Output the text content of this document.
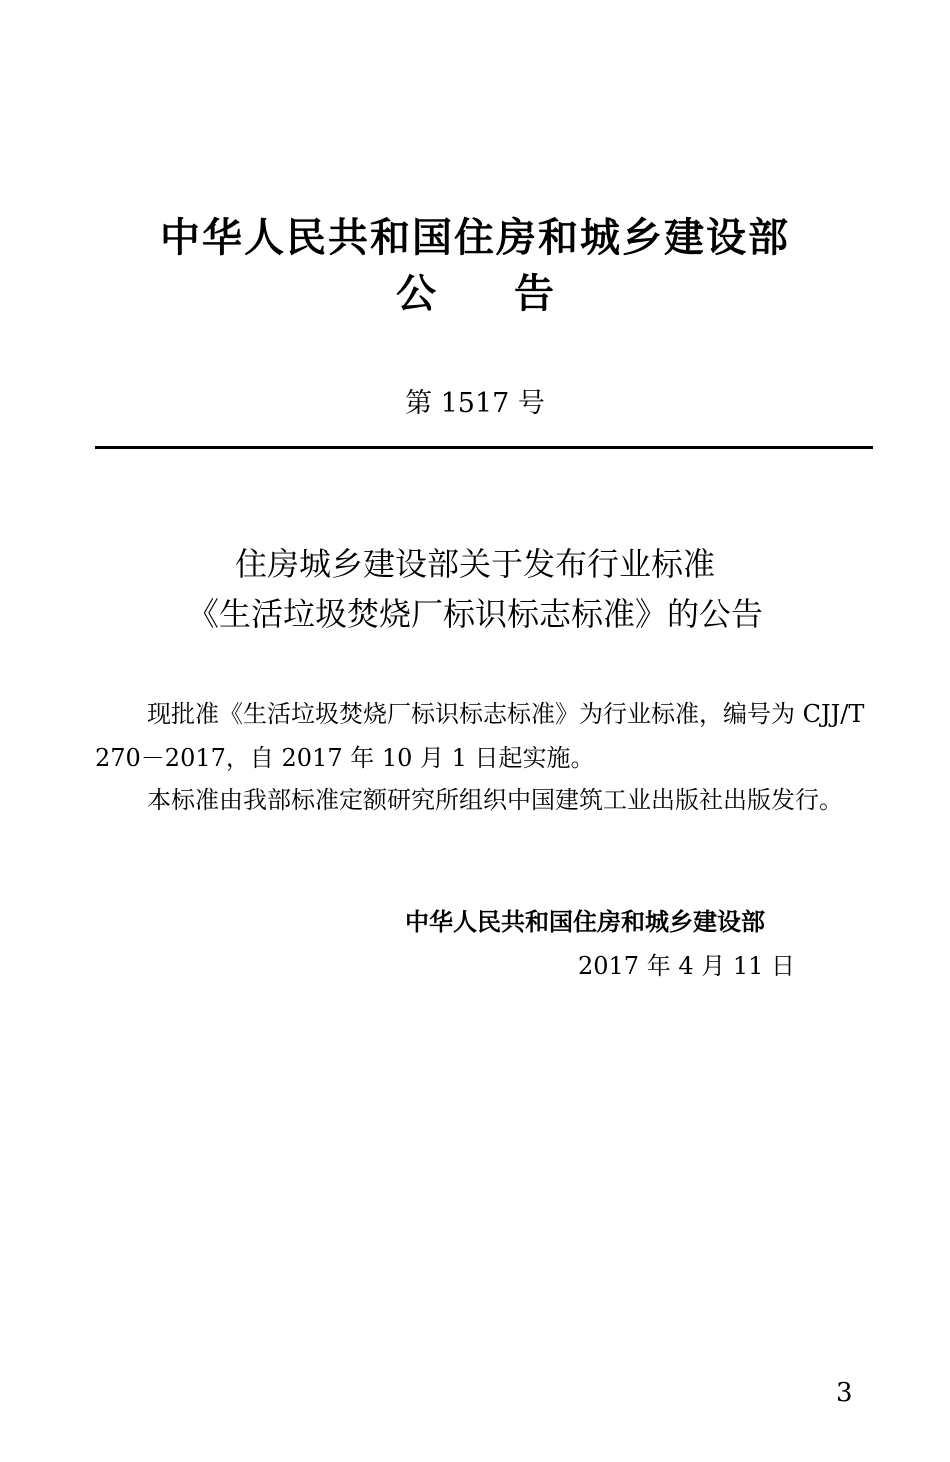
中华人民共和国住房和城乡建设部
公告
第 1517 号
住房城乡建设部关于发布行业标准
《生活垃圾焚烧厂标识标志标准》的公告
现批准《生活垃圾焚烧厂标识标志标准》为行业标准，编号为 CJJ/T 270－2017，自 2017 年 10 月 1 日起实施。
本标准由我部标准定额研究所组织中国建筑工业出版社出版发行。
中华人民共和国住房和城乡建设部
2017 年 4 月 11 日
3
